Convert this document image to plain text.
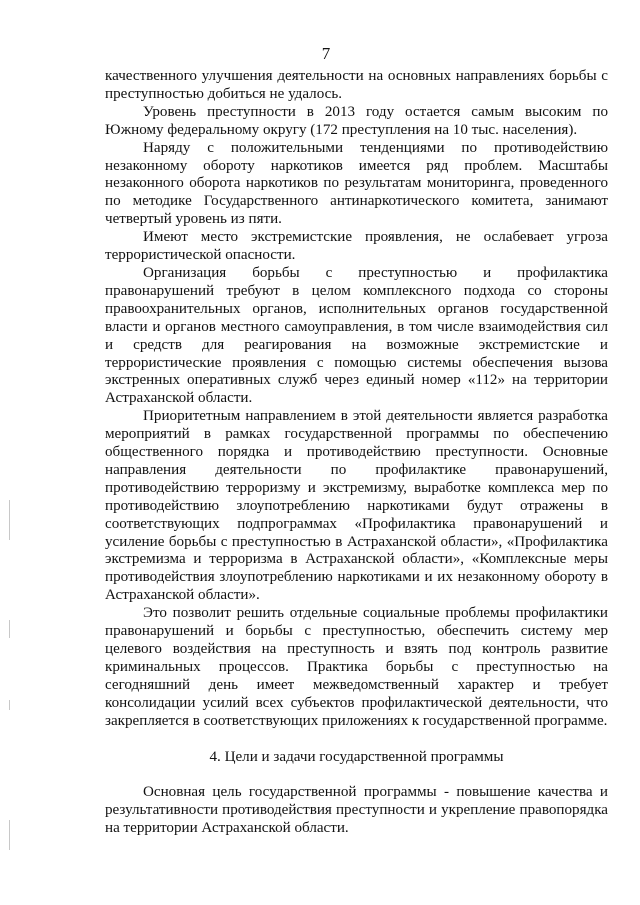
7

качественного улучшения деятельности на основных направлениях борьбы с преступностью добиться не удалось.

Уровень преступности в 2013 году остается самым высоким по Южному федеральному округу (172 преступления на 10 тыс. населения).

Наряду с положительными тенденциями по противодействию незаконному обороту наркотиков имеется ряд проблем. Масштабы незаконного оборота наркотиков по результатам мониторинга, проведенного по методике Государственного антинаркотического комитета, занимают четвертый уровень из пяти.

Имеют место экстремистские проявления, не ослабевает угроза террористической опасности.

Организация борьбы с преступностью и профилактика правонарушений требуют в целом комплексного подхода со стороны правоохранительных органов, исполнительных органов государственной власти и органов местного самоуправления, в том числе взаимодействия сил и средств для реагирования на возможные экстремистские и террористические проявления с помощью системы обеспечения вызова экстренных оперативных служб через единый номер «112» на территории Астраханской области.

Приоритетным направлением в этой деятельности является разработка мероприятий в рамках государственной программы по обеспечению общественного порядка и противодействию преступности. Основные направления деятельности по профилактике правонарушений, противодействию терроризму и экстремизму, выработке комплекса мер по противодействию злоупотреблению наркотиками будут отражены в соответствующих подпрограммах «Профилактика правонарушений и усиление борьбы с преступностью в Астраханской области», «Профилактика экстремизма и терроризма в Астраханской области», «Комплексные меры противодействия злоупотреблению наркотиками и их незаконному обороту в Астраханской области».

Это позволит решить отдельные социальные проблемы профилактики правонарушений и борьбы с преступностью, обеспечить систему мер целевого воздействия на преступность и взять под контроль развитие криминальных процессов. Практика борьбы с преступностью на сегодняшний день имеет межведомственный характер и требует консолидации усилий всех субъектов профилактической деятельности, что закрепляется в соответствующих приложениях к государственной программе.

4. Цели и задачи государственной программы

Основная цель государственной программы - повышение качества и результативности противодействия преступности и укрепление правопорядка на территории Астраханской области.
